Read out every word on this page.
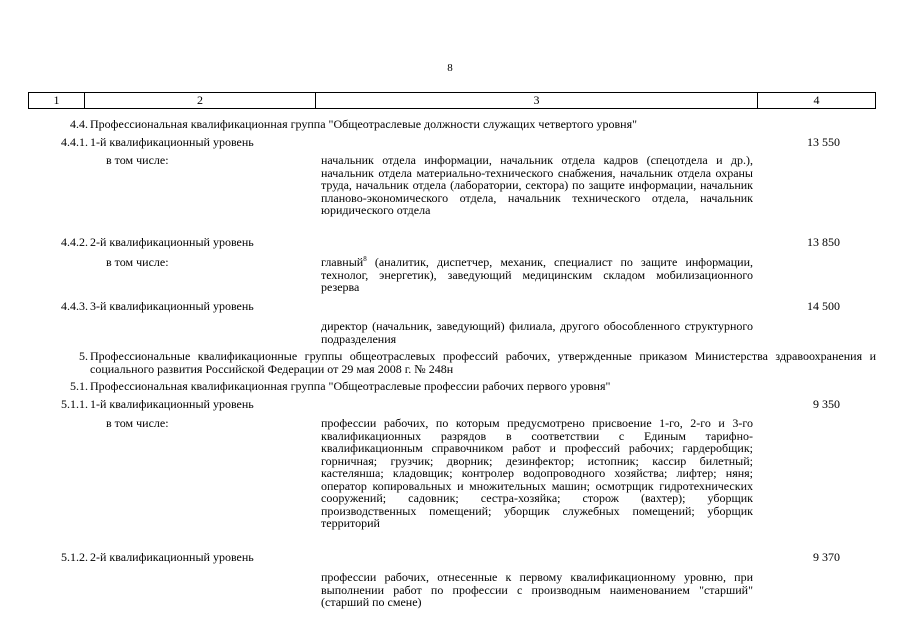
8
1	2	3	4
4.4. Профессиональная квалификационная группа "Общеотраслевые должности служащих четвертого уровня"
4.4.1. 1-й квалификационный уровень	13 550
в том числе:	начальник отдела информации, начальник отдела кадров (спецотдела и др.), начальник отдела материально-технического снабжения, начальник отдела охраны труда, начальник отдела (лаборатории, сектора) по защите информации, начальник планово-экономического отдела, начальник технического отдела, начальник юридического отдела
4.4.2. 2-й квалификационный уровень	13 850
в том числе:	главный$^8$ (аналитик, диспетчер, механик, специалист по защите информации, технолог, энергетик), заведующий медицинским складом мобилизационного резерва
4.4.3. 3-й квалификационный уровень	14 500
директор (начальник, заведующий) филиала, другого обособленного структурного подразделения
5. Профессиональные квалификационные группы общеотраслевых профессий рабочих, утвержденные приказом Министерства здравоохранения и социального развития Российской Федерации от 29 мая 2008 г. № 248н
5.1. Профессиональная квалификационная группа "Общеотраслевые профессии рабочих первого уровня"
5.1.1. 1-й квалификационный уровень	9 350
в том числе:	профессии рабочих, по которым предусмотрено присвоение 1-го, 2-го и 3-го квалификационных разрядов в соответствии с Единым тарифно-квалификационным справочником работ и профессий рабочих; гардеробщик; горничная; грузчик; дворник; дезинфектор; истопник; кассир билетный; кастелянша; кладовщик; контролер водопроводного хозяйства; лифтер; няня; оператор копировальных и множительных машин; осмотрщик гидротехнических сооружений; садовник; сестра-хозяйка; сторож (вахтер); уборщик производственных помещений; уборщик служебных помещений; уборщик территорий
5.1.2. 2-й квалификационный уровень	9 370
профессии рабочих, отнесенные к первому квалификационному уровню, при выполнении работ по профессии с производным наименованием "старший" (старший по смене)
